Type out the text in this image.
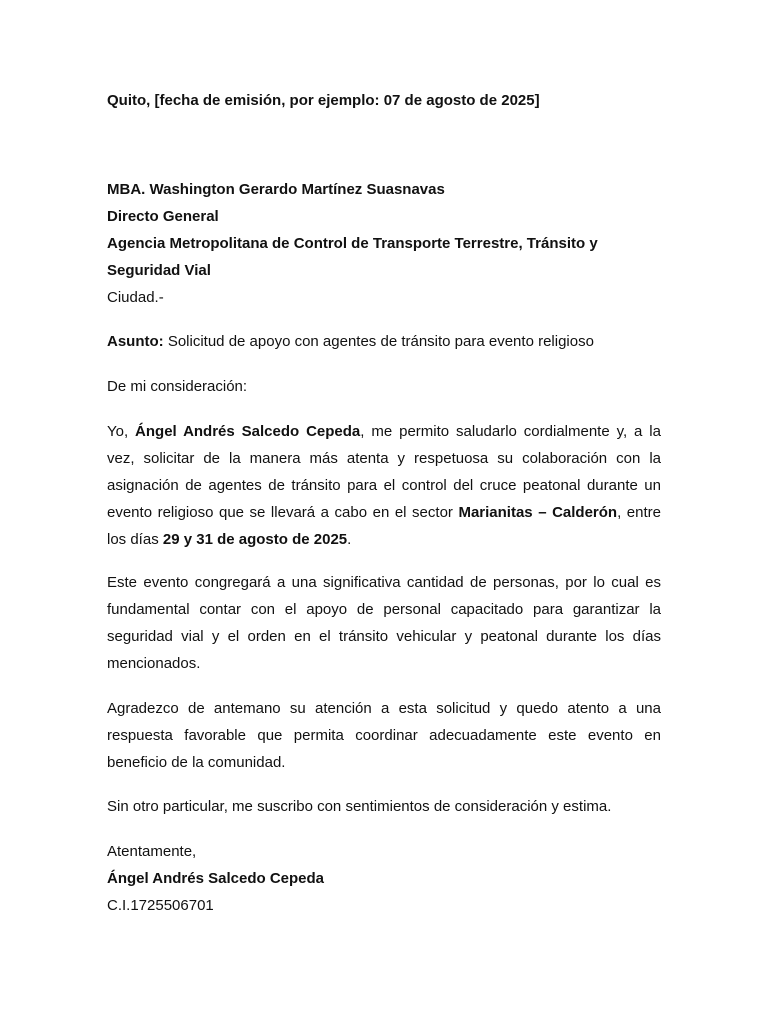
Quito, [fecha de emisión, por ejemplo: 07 de agosto de 2025]
MBA. Washington Gerardo Martínez Suasnavas
Directo General
Agencia Metropolitana de Control de Transporte Terrestre, Tránsito y
Seguridad Vial
Ciudad.-
Asunto: Solicitud de apoyo con agentes de tránsito para evento religioso
De mi consideración:
Yo, Ángel Andrés Salcedo Cepeda, me permito saludarlo cordialmente y, a la vez, solicitar de la manera más atenta y respetuosa su colaboración con la asignación de agentes de tránsito para el control del cruce peatonal durante un evento religioso que se llevará a cabo en el sector Marianitas – Calderón, entre los días 29 y 31 de agosto de 2025.
Este evento congregará a una significativa cantidad de personas, por lo cual es fundamental contar con el apoyo de personal capacitado para garantizar la seguridad vial y el orden en el tránsito vehicular y peatonal durante los días mencionados.
Agradezco de antemano su atención a esta solicitud y quedo atento a una respuesta favorable que permita coordinar adecuadamente este evento en beneficio de la comunidad.
Sin otro particular, me suscribo con sentimientos de consideración y estima.
Atentamente,
Ángel Andrés Salcedo Cepeda
C.I.1725506701
